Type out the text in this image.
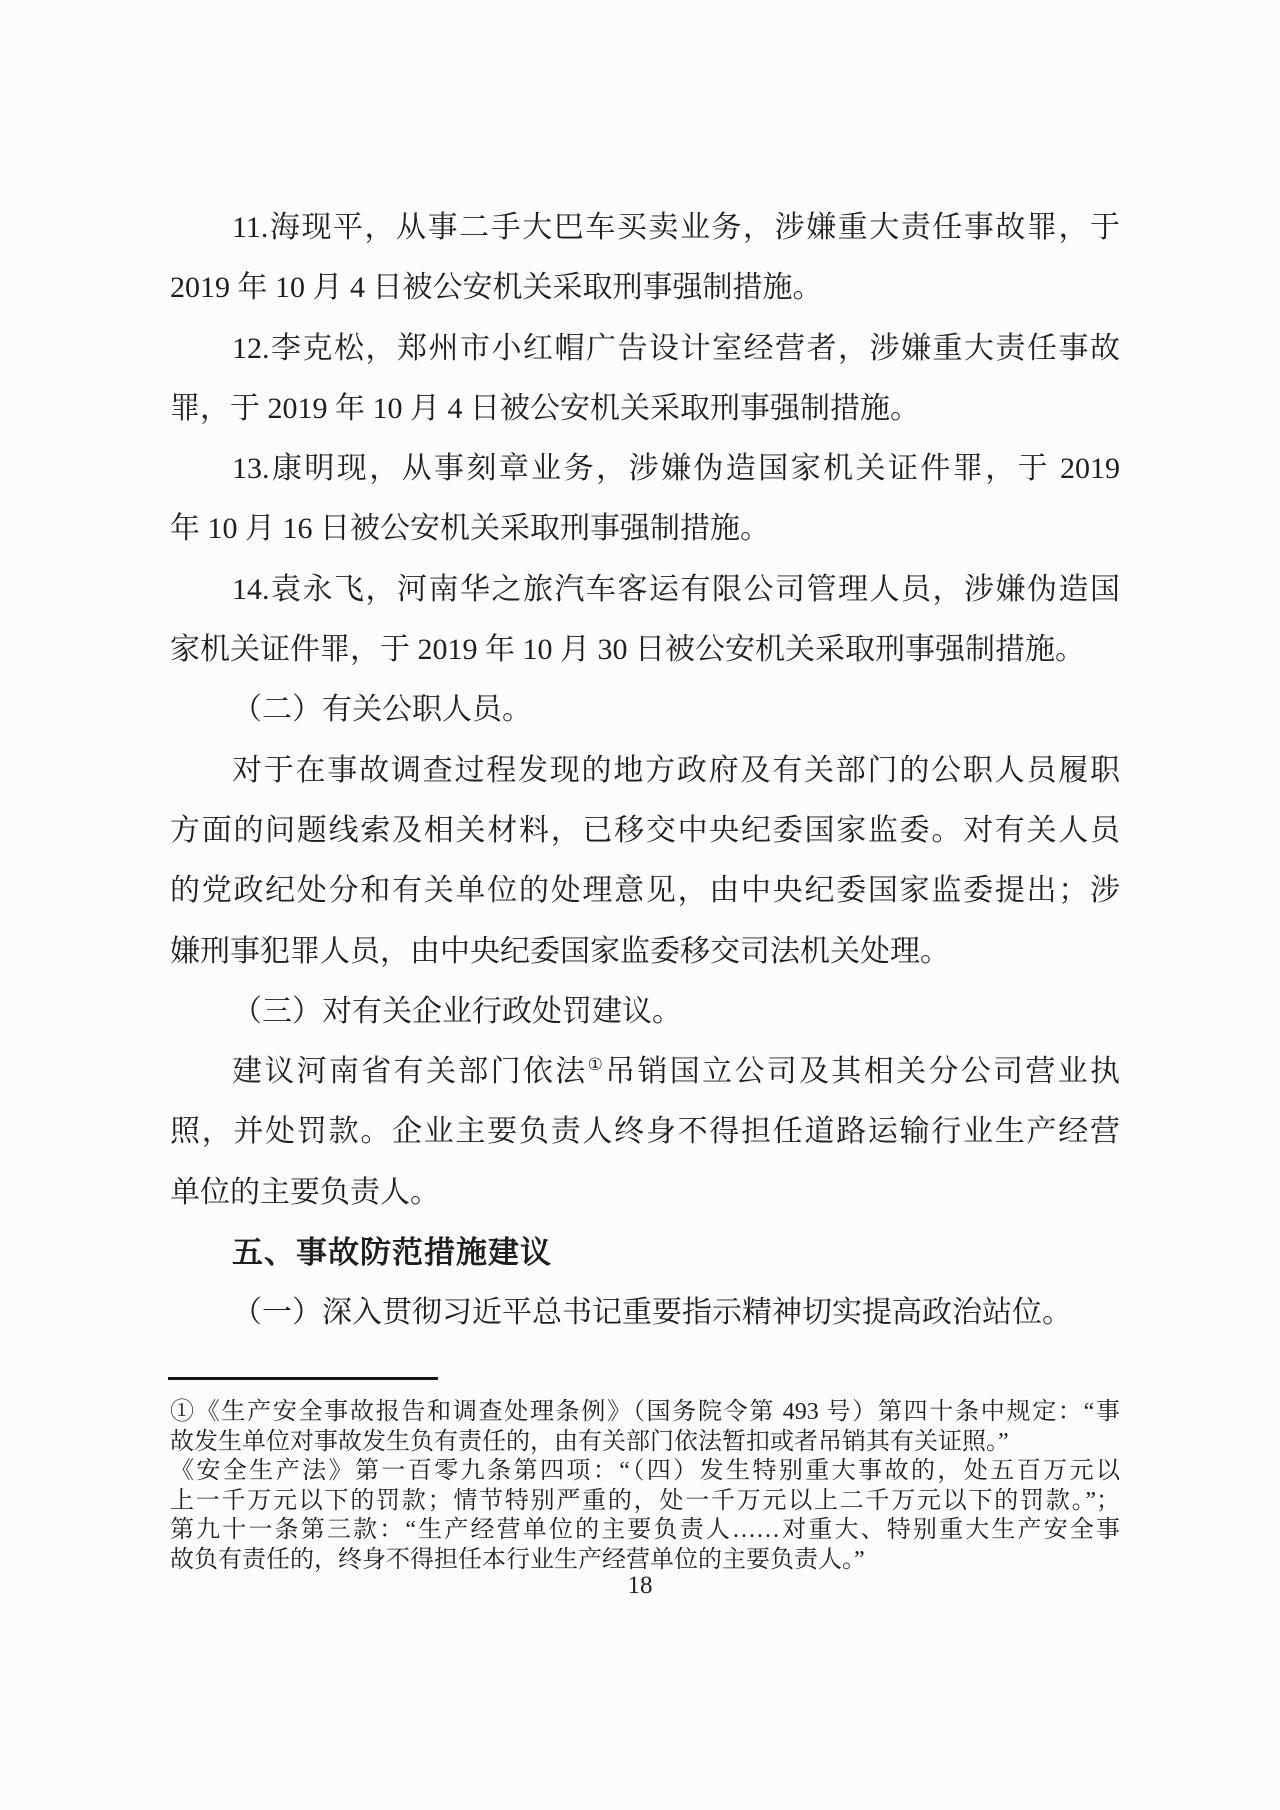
11.海现平，从事二手大巴车买卖业务，涉嫌重大责任事故罪，于
2019 年 10 月 4 日被公安机关采取刑事强制措施。
12.李克松，郑州市小红帽广告设计室经营者，涉嫌重大责任事故
罪，于 2019 年 10 月 4 日被公安机关采取刑事强制措施。
13.康明现，从事刻章业务，涉嫌伪造国家机关证件罪，于 2019
年 10 月 16 日被公安机关采取刑事强制措施。
14.袁永飞，河南华之旅汽车客运有限公司管理人员，涉嫌伪造国
家机关证件罪，于 2019 年 10 月 30 日被公安机关采取刑事强制措施。
（二）有关公职人员。
对于在事故调查过程发现的地方政府及有关部门的公职人员履职
方面的问题线索及相关材料，已移交中央纪委国家监委。对有关人员
的党政纪处分和有关单位的处理意见，由中央纪委国家监委提出；涉
嫌刑事犯罪人员，由中央纪委国家监委移交司法机关处理。
（三）对有关企业行政处罚建议。
建议河南省有关部门依法①吊销国立公司及其相关分公司营业执
照，并处罚款。企业主要负责人终身不得担任道路运输行业生产经营
单位的主要负责人。
五、事故防范措施建议
（一）深入贯彻习近平总书记重要指示精神切实提高政治站位。
①《生产安全事故报告和调查处理条例》（国务院令第 493 号）第四十条中规定：“事
故发生单位对事故发生负有责任的，由有关部门依法暂扣或者吊销其有关证照。”
《安全生产法》第一百零九条第四项：“（四）发生特别重大事故的，处五百万元以
上一千万元以下的罚款；情节特别严重的，处一千万元以上二千万元以下的罚款。”；
第九十一条第三款：“生产经营单位的主要负责人……对重大、特别重大生产安全事
故负有责任的，终身不得担任本行业生产经营单位的主要负责人。”
18
